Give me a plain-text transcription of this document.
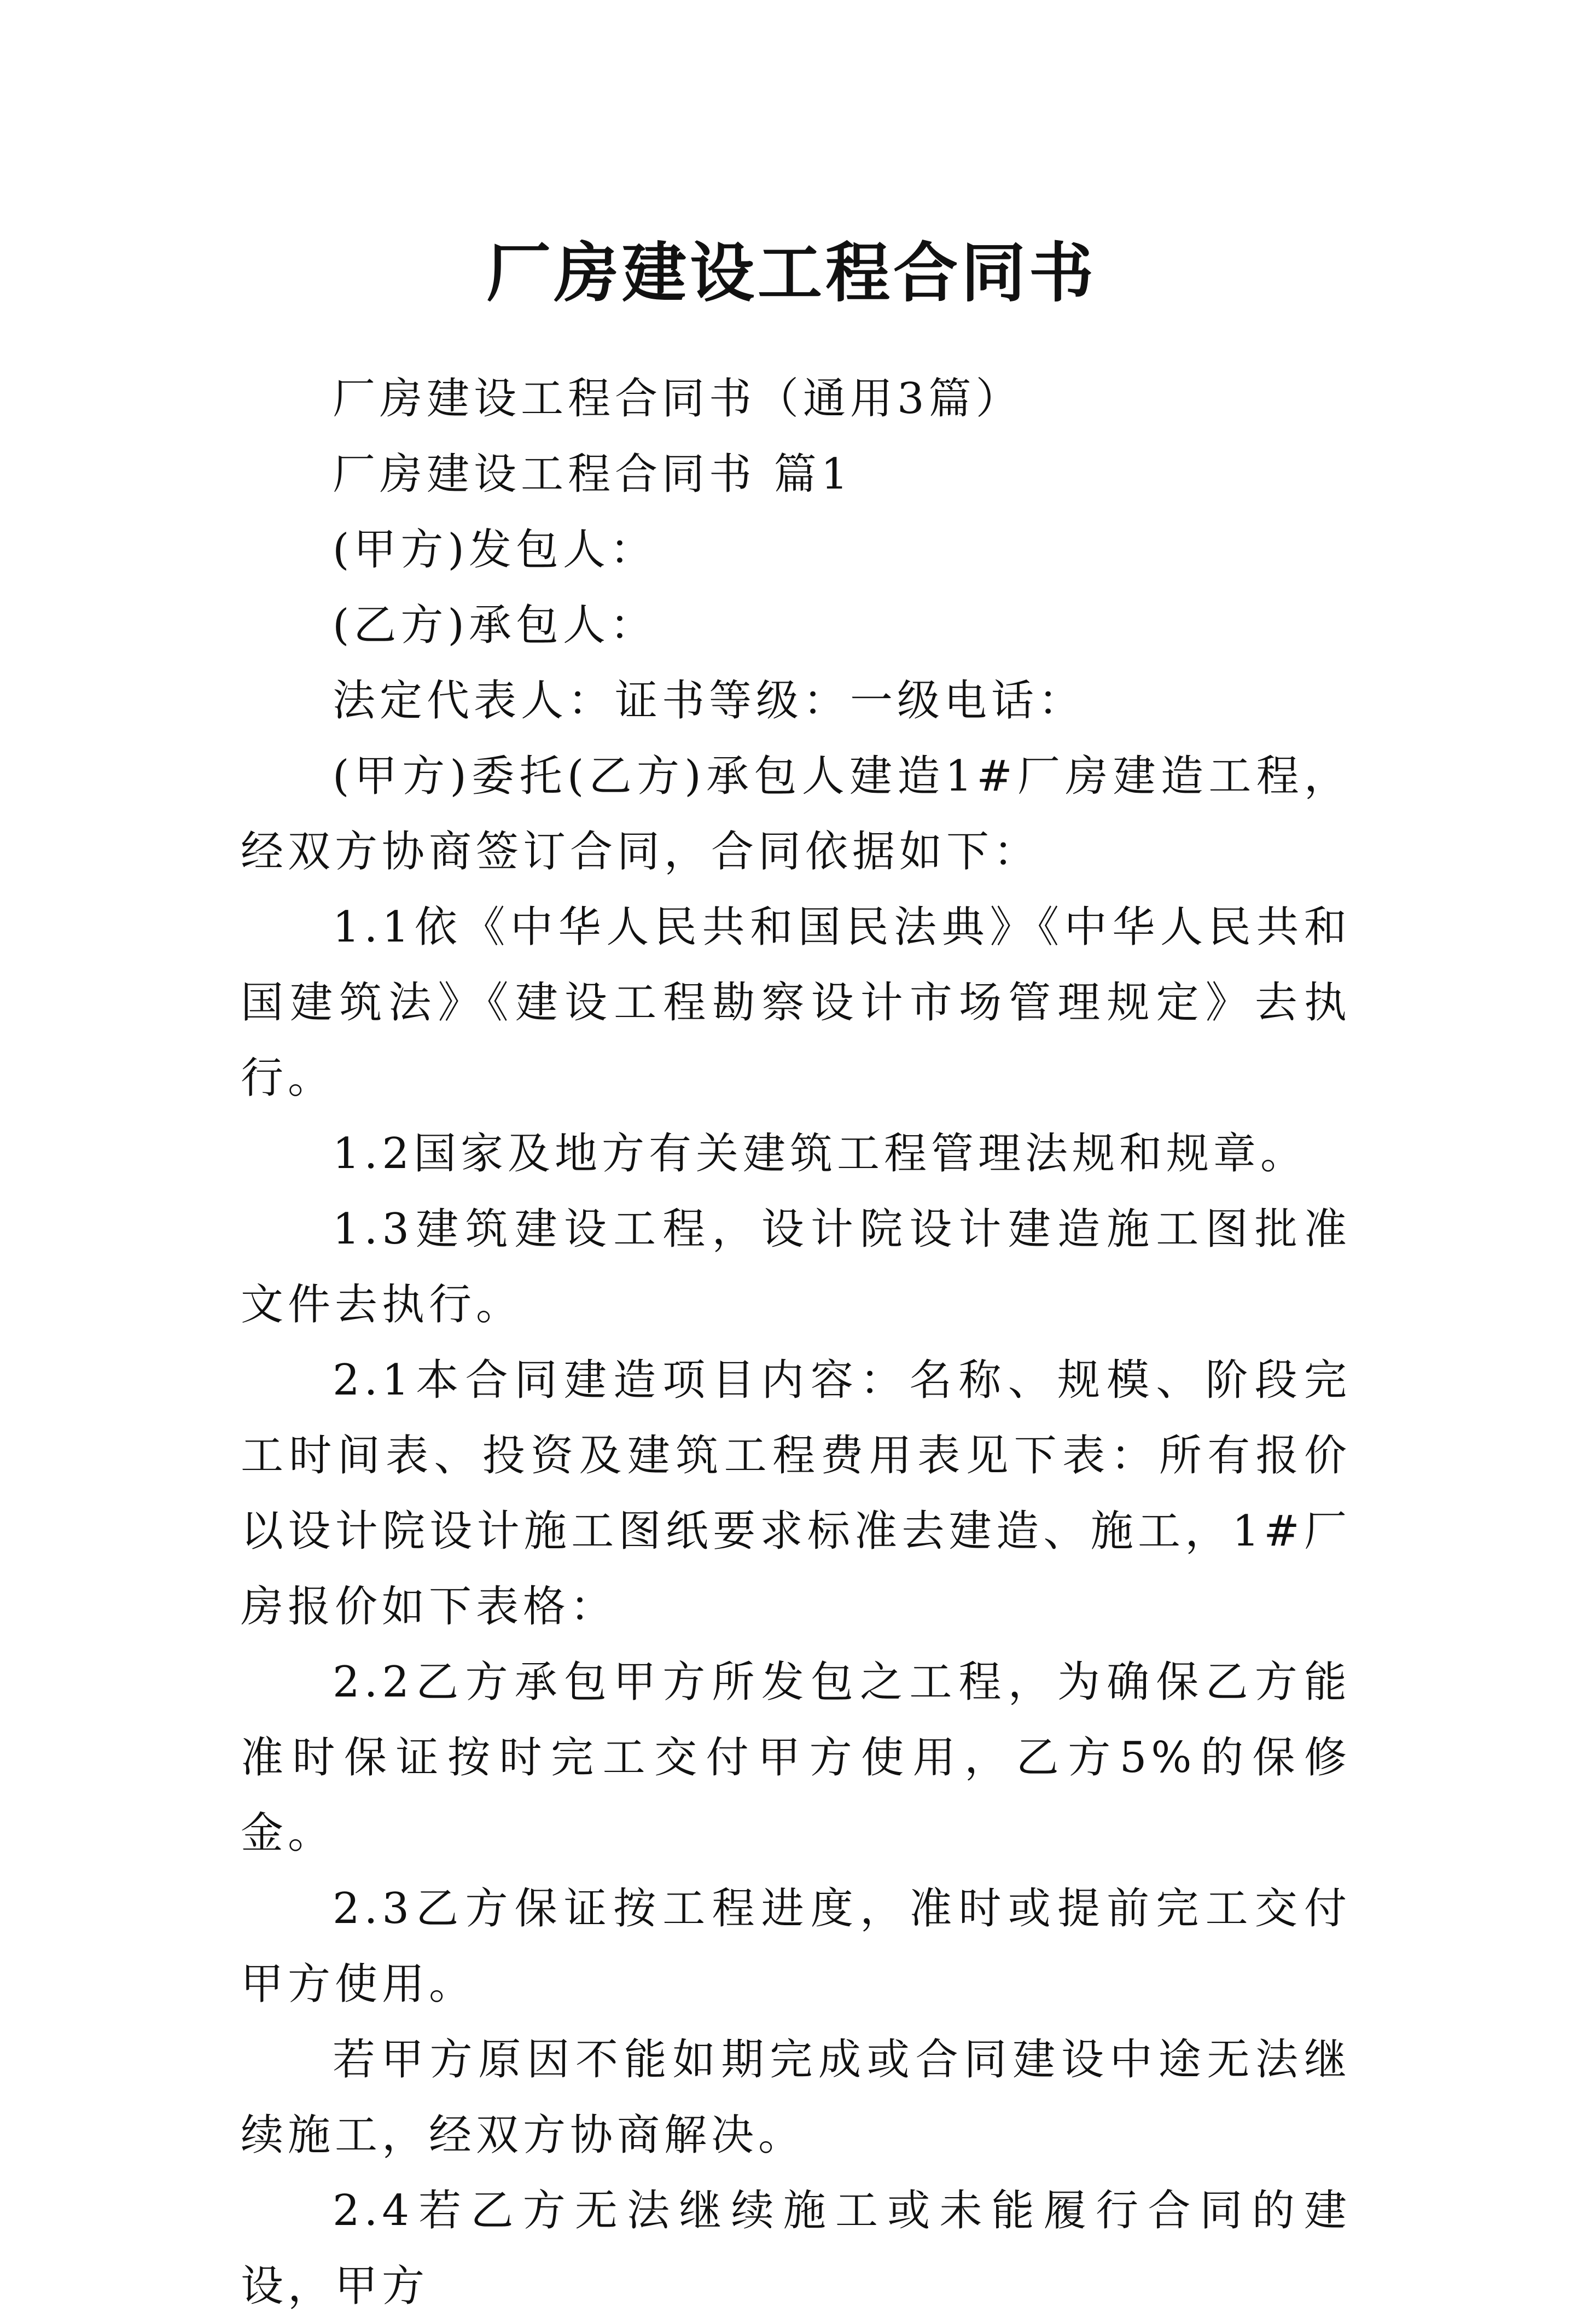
厂房建设工程合同书

厂房建设工程合同书（通用3篇）

厂房建设工程合同书 篇1

(甲方)发包人：

(乙方)承包人：

法定代表人：证书等级：一级电话：

(甲方)委托(乙方)承包人建造1#厂房建造工程，经双方协商签订合同，合同依据如下：

1.1依《中华人民共和国民法典》《中华人民共和国建筑法》《建设工程勘察设计市场管理规定》去执行。

1.2国家及地方有关建筑工程管理法规和规章。

1.3建筑建设工程，设计院设计建造施工图批准文件去执行。

2.1本合同建造项目内容：名称、规模、阶段完工时间表、投资及建筑工程费用表见下表：所有报价以设计院设计施工图纸要求标准去建造、施工，1#厂房报价如下表格：

2.2乙方承包甲方所发包之工程，为确保乙方能准时保证按时完工交付甲方使用，乙方5%的保修金。

2.3乙方保证按工程进度，准时或提前完工交付甲方使用。

若甲方原因不能如期完成或合同建设中途无法继续施工，经双方协商解决。

2.4若乙方无法继续施工或未能履行合同的建设，甲方
